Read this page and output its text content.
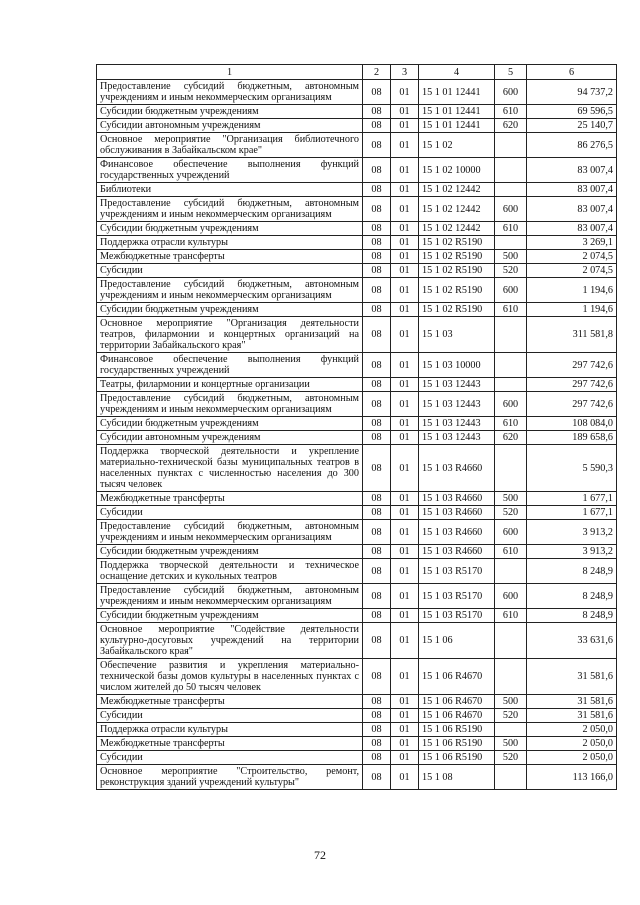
1	2	3	4	5	6
Предоставление субсидий бюджетным, автономным учреждениям и иным некоммерческим организациям	08	01	15 1 01 12441	600	94 737,2
Субсидии бюджетным учреждениям	08	01	15 1 01 12441	610	69 596,5
Субсидии автономным учреждениям	08	01	15 1 01 12441	620	25 140,7
Основное мероприятие "Организация библиотечного обслуживания в Забайкальском крае"	08	01	15 1 02		86 276,5
Финансовое обеспечение выполнения функций государственных учреждений	08	01	15 1 02 10000		83 007,4
Библиотеки	08	01	15 1 02 12442		83 007,4
Предоставление субсидий бюджетным, автономным учреждениям и иным некоммерческим организациям	08	01	15 1 02 12442	600	83 007,4
Субсидии бюджетным учреждениям	08	01	15 1 02 12442	610	83 007,4
Поддержка отрасли культуры	08	01	15 1 02 R5190		3 269,1
Межбюджетные трансферты	08	01	15 1 02 R5190	500	2 074,5
Субсидии	08	01	15 1 02 R5190	520	2 074,5
Предоставление субсидий бюджетным, автономным учреждениям и иным некоммерческим организациям	08	01	15 1 02 R5190	600	1 194,6
Субсидии бюджетным учреждениям	08	01	15 1 02 R5190	610	1 194,6
Основное мероприятие "Организация деятельности театров, филармонии и концертных организаций на территории Забайкальского края"	08	01	15 1 03		311 581,8
Финансовое обеспечение выполнения функций государственных учреждений	08	01	15 1 03 10000		297 742,6
Театры, филармонии и концертные организации	08	01	15 1 03 12443		297 742,6
Предоставление субсидий бюджетным, автономным учреждениям и иным некоммерческим организациям	08	01	15 1 03 12443	600	297 742,6
Субсидии бюджетным учреждениям	08	01	15 1 03 12443	610	108 084,0
Субсидии автономным учреждениям	08	01	15 1 03 12443	620	189 658,6
Поддержка творческой деятельности и укрепление материально-технической базы муниципальных театров в населенных пунктах с численностью населения до 300 тысяч человек	08	01	15 1 03 R4660		5 590,3
Межбюджетные трансферты	08	01	15 1 03 R4660	500	1 677,1
Субсидии	08	01	15 1 03 R4660	520	1 677,1
Предоставление субсидий бюджетным, автономным учреждениям и иным некоммерческим организациям	08	01	15 1 03 R4660	600	3 913,2
Субсидии бюджетным учреждениям	08	01	15 1 03 R4660	610	3 913,2
Поддержка творческой деятельности и техническое оснащение детских и кукольных театров	08	01	15 1 03 R5170		8 248,9
Предоставление субсидий бюджетным, автономным учреждениям и иным некоммерческим организациям	08	01	15 1 03 R5170	600	8 248,9
Субсидии бюджетным учреждениям	08	01	15 1 03 R5170	610	8 248,9
Основное мероприятие "Содействие деятельности культурно-досуговых учреждений на территории Забайкальского края"	08	01	15 1 06		33 631,6
Обеспечение развития и укрепления материально-технической базы домов культуры в населенных пунктах с числом жителей до 50 тысяч человек	08	01	15 1 06 R4670		31 581,6
Межбюджетные трансферты	08	01	15 1 06 R4670	500	31 581,6
Субсидии	08	01	15 1 06 R4670	520	31 581,6
Поддержка отрасли культуры	08	01	15 1 06 R5190		2 050,0
Межбюджетные трансферты	08	01	15 1 06 R5190	500	2 050,0
Субсидии	08	01	15 1 06 R5190	520	2 050,0
Основное мероприятие "Строительство, ремонт, реконструкция зданий учреждений культуры"	08	01	15 1 08		113 166,0
72
